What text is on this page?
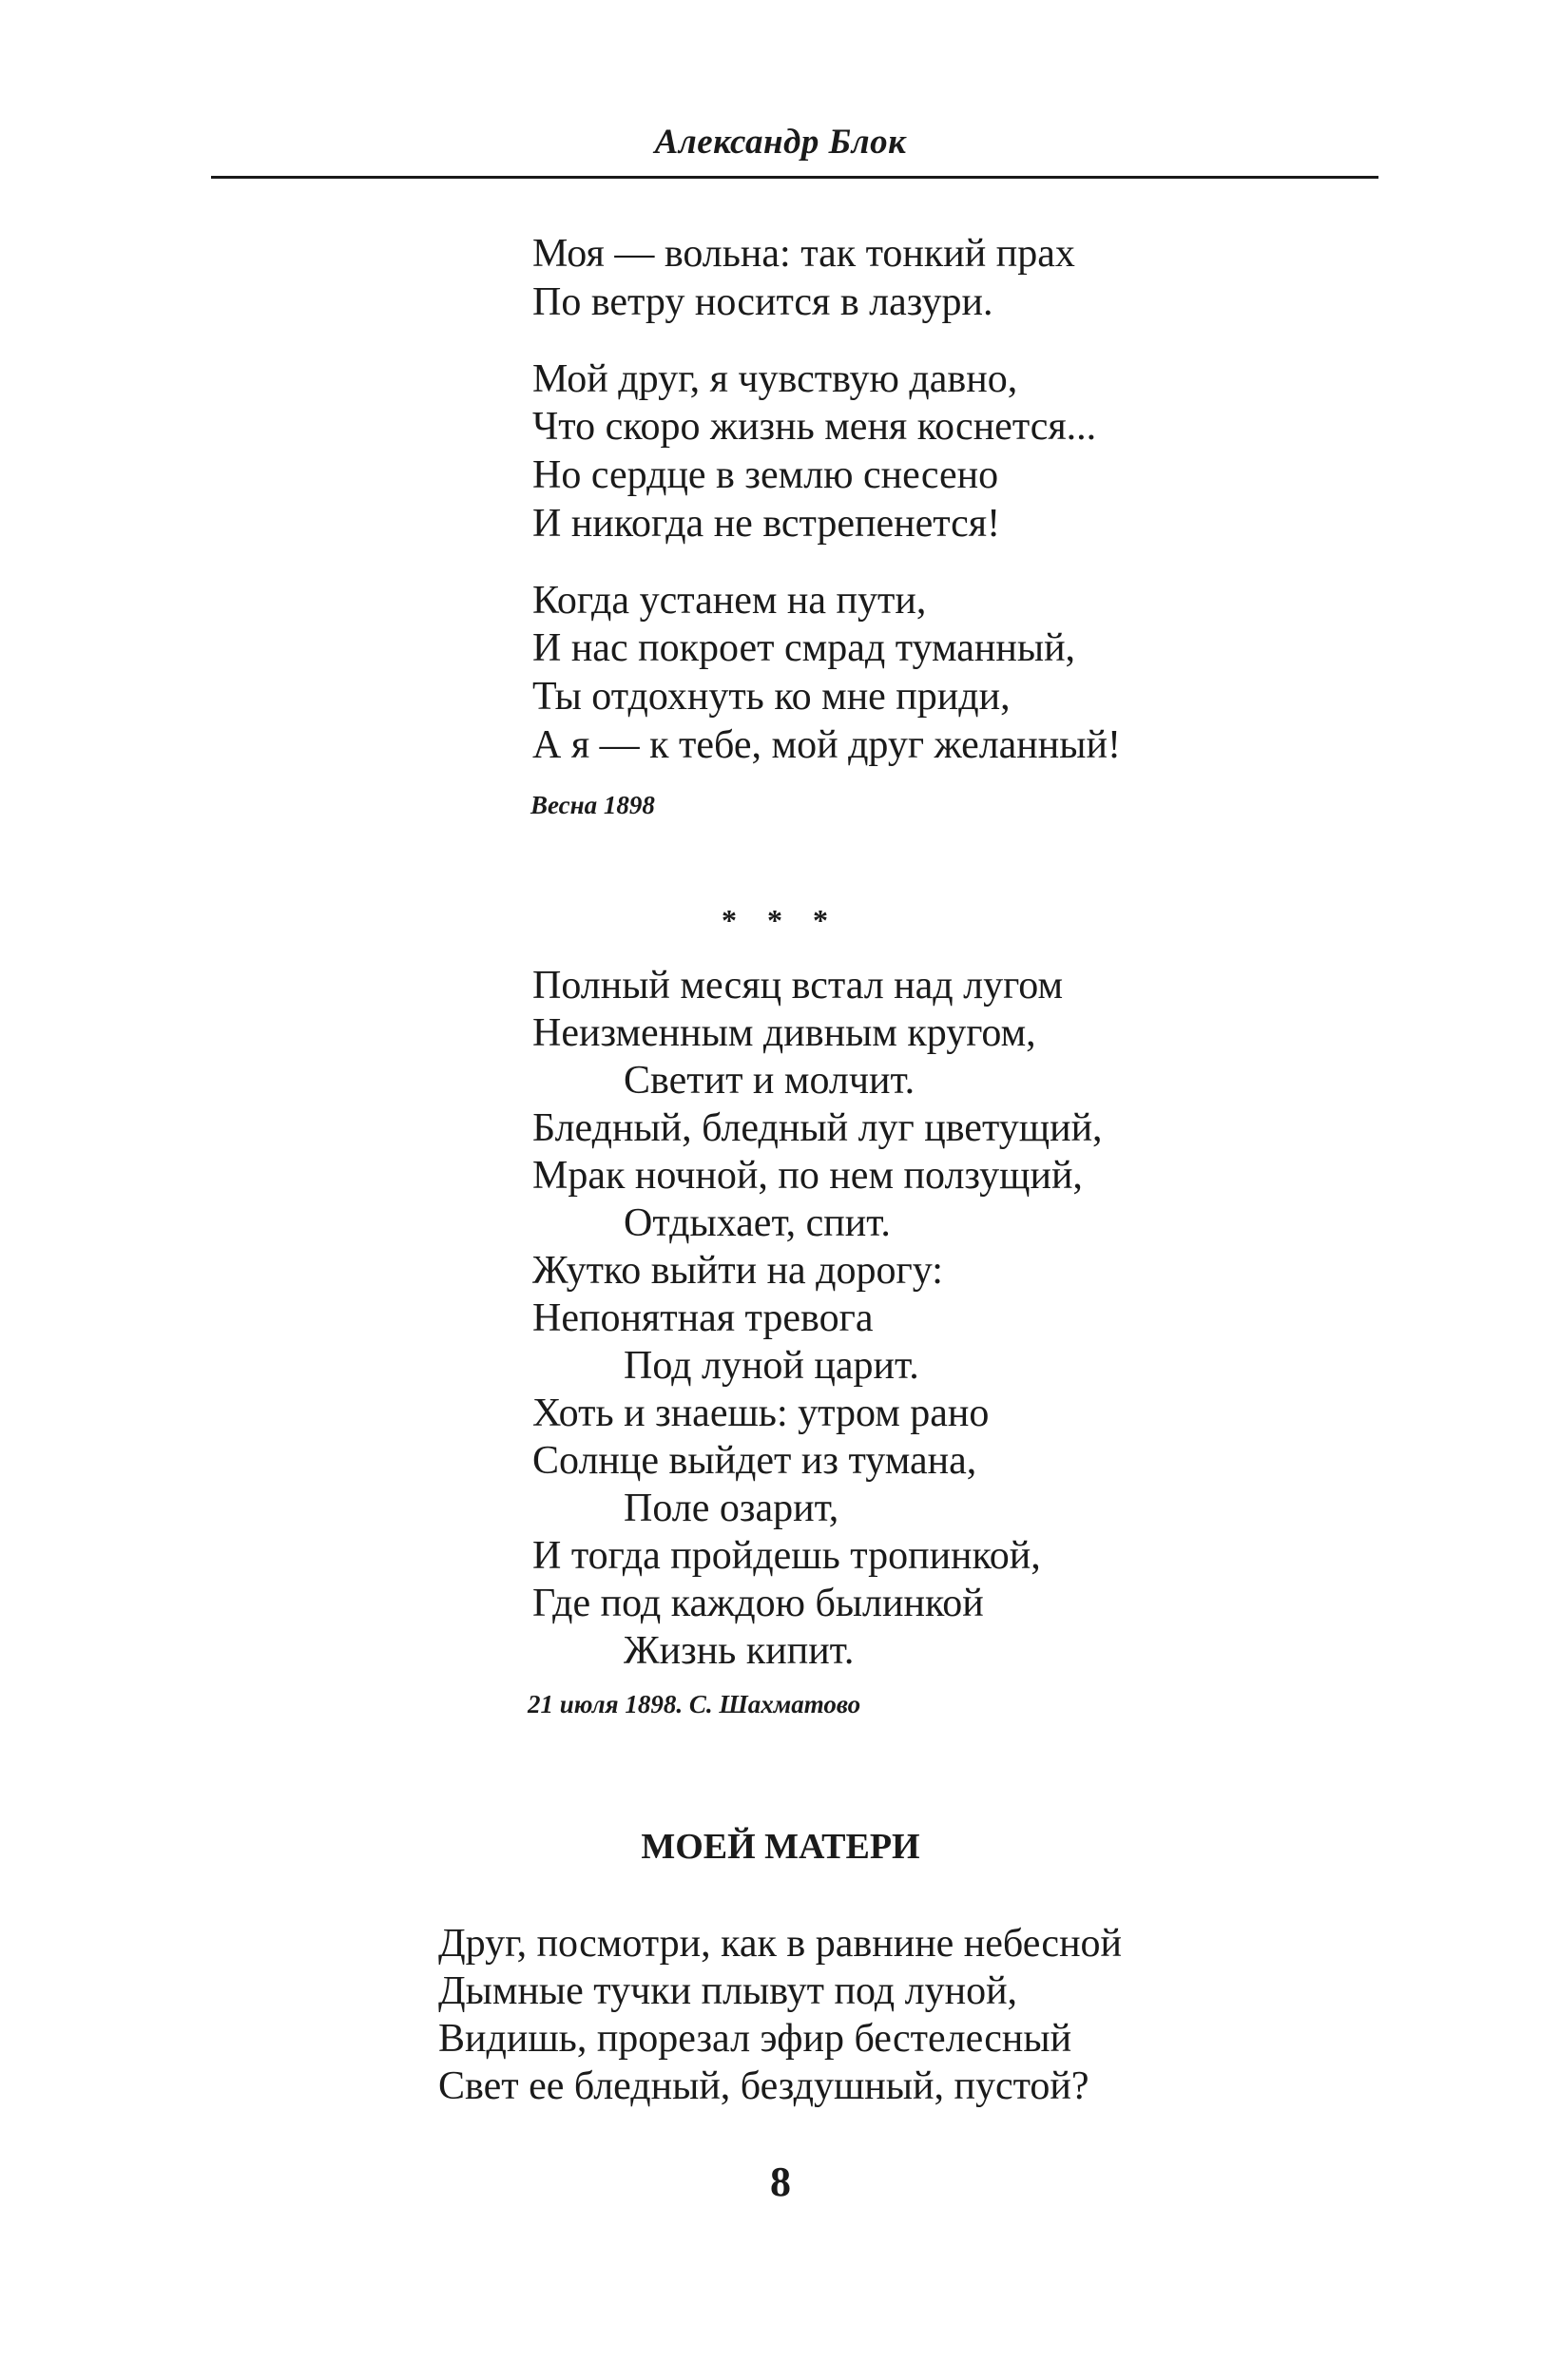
Александр Блок
Моя — вольна: так тонкий прах
По ветру носится в лазури.
Мой друг, я чувствую давно,
Что скоро жизнь меня коснется...
Но сердце в землю снесено
И никогда не встрепенется!
Когда устанем на пути,
И нас покроет смрад туманный,
Ты отдохнуть ко мне приди,
А я — к тебе, мой друг желанный!
Весна 1898
* * *
Полный месяц встал над лугом
Неизменным дивным кругом,
Светит и молчит.
Бледный, бледный луг цветущий,
Мрак ночной, по нем ползущий,
Отдыхает, спит.
Жутко выйти на дорогу:
Непонятная тревога
Под луной царит.
Хоть и знаешь: утром рано
Солнце выйдет из тумана,
Поле озарит,
И тогда пройдешь тропинкой,
Где под каждою былинкой
Жизнь кипит.
21 июля 1898. С. Шахматово
МОЕЙ МАТЕРИ
Друг, посмотри, как в равнине небесной
Дымные тучки плывут под луной,
Видишь, прорезал эфир бестелесный
Свет ее бледный, бездушный, пустой?
8
